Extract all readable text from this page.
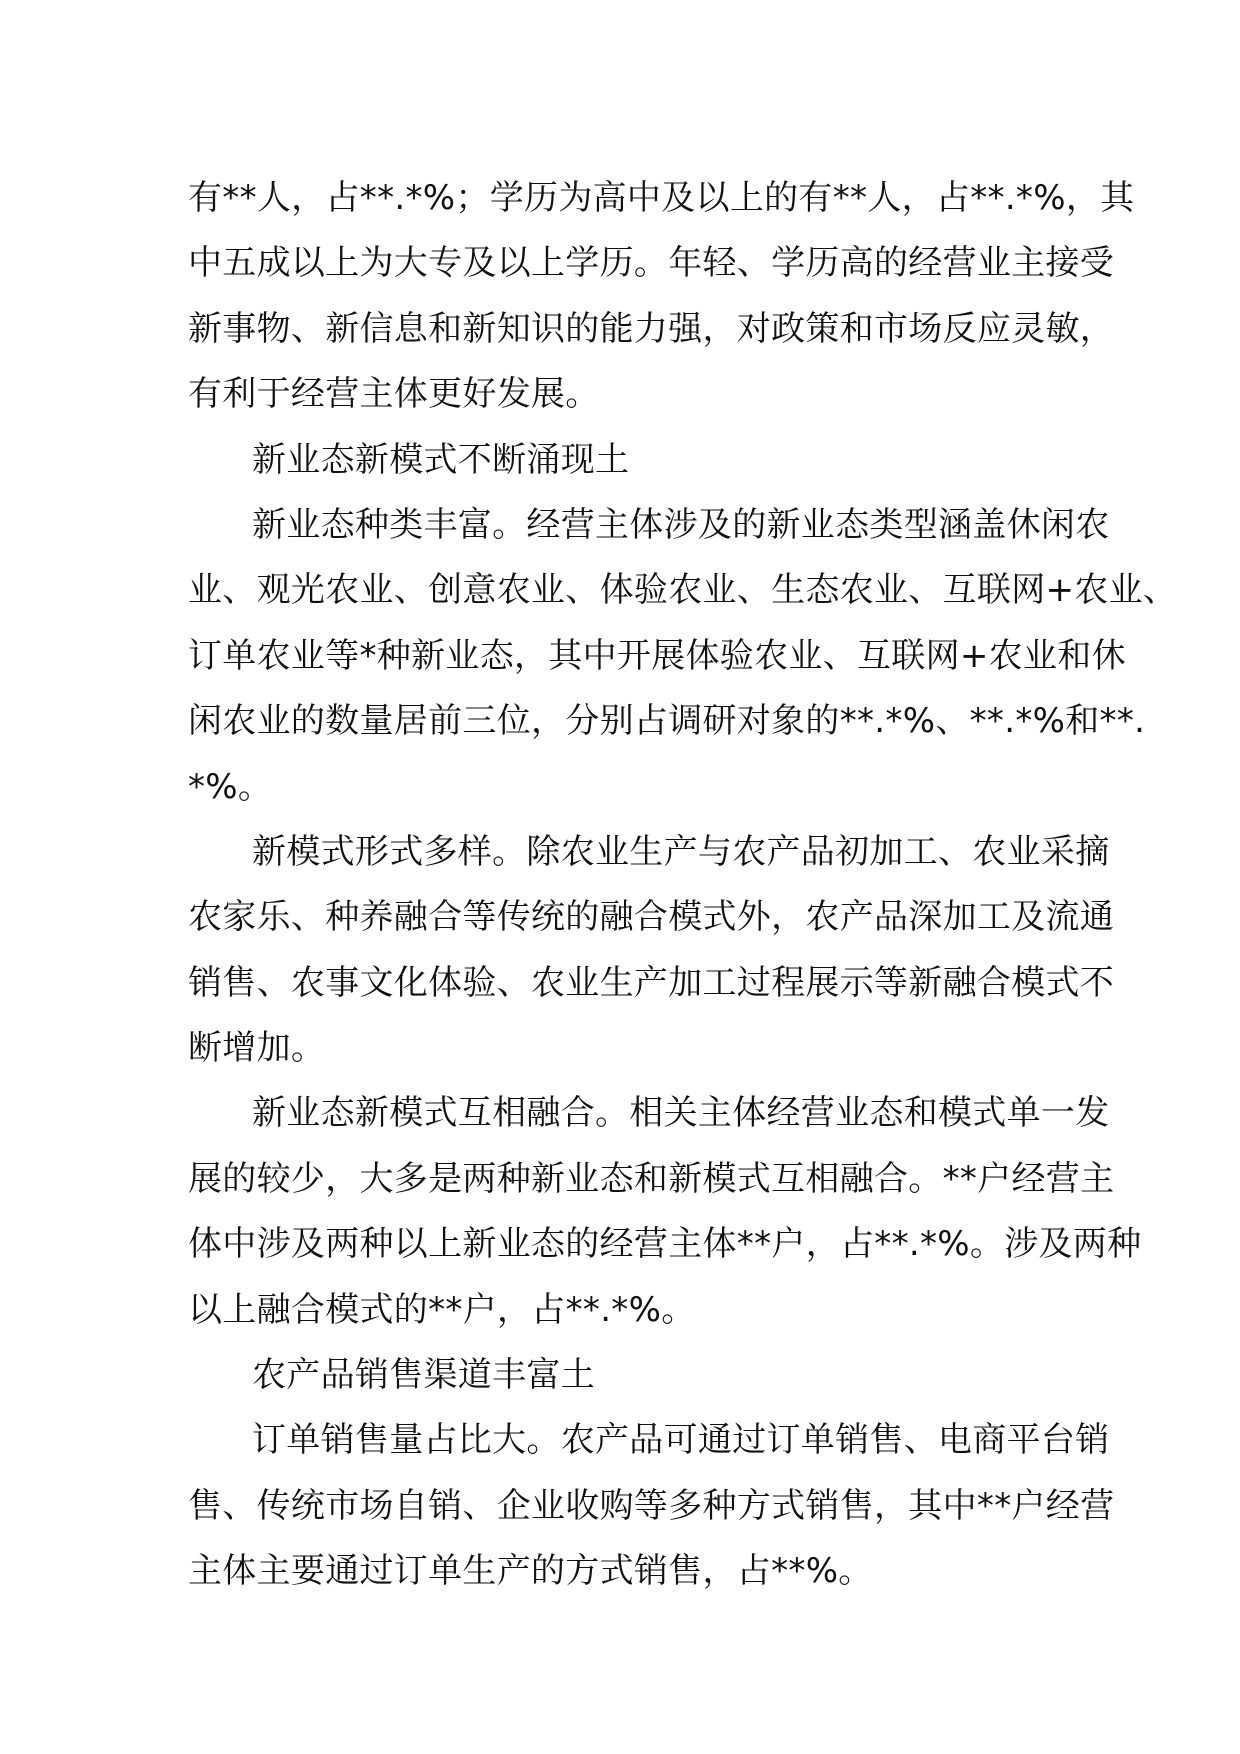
有**人，占**.*%；学历为高中及以上的有**人，占**.*%，其
中五成以上为大专及以上学历。年轻、学历高的经营业主接受
新事物、新信息和新知识的能力强，对政策和市场反应灵敏，
有利于经营主体更好发展。
新业态新模式不断涌现土
新业态种类丰富。经营主体涉及的新业态类型涵盖休闲农
业、观光农业、创意农业、体验农业、生态农业、互联网+农业、
订单农业等*种新业态，其中开展体验农业、互联网+农业和休
闲农业的数量居前三位，分别占调研对象的**.*%、**.*%和**.
*%。
新模式形式多样。除农业生产与农产品初加工、农业采摘
农家乐、种养融合等传统的融合模式外，农产品深加工及流通
销售、农事文化体验、农业生产加工过程展示等新融合模式不
断增加。
新业态新模式互相融合。相关主体经营业态和模式单一发
展的较少，大多是两种新业态和新模式互相融合。**户经营主
体中涉及两种以上新业态的经营主体**户，占**.*%。涉及两种
以上融合模式的**户，占**.*%。
农产品销售渠道丰富土
订单销售量占比大。农产品可通过订单销售、电商平台销
售、传统市场自销、企业收购等多种方式销售，其中**户经营
主体主要通过订单生产的方式销售，占**%。
